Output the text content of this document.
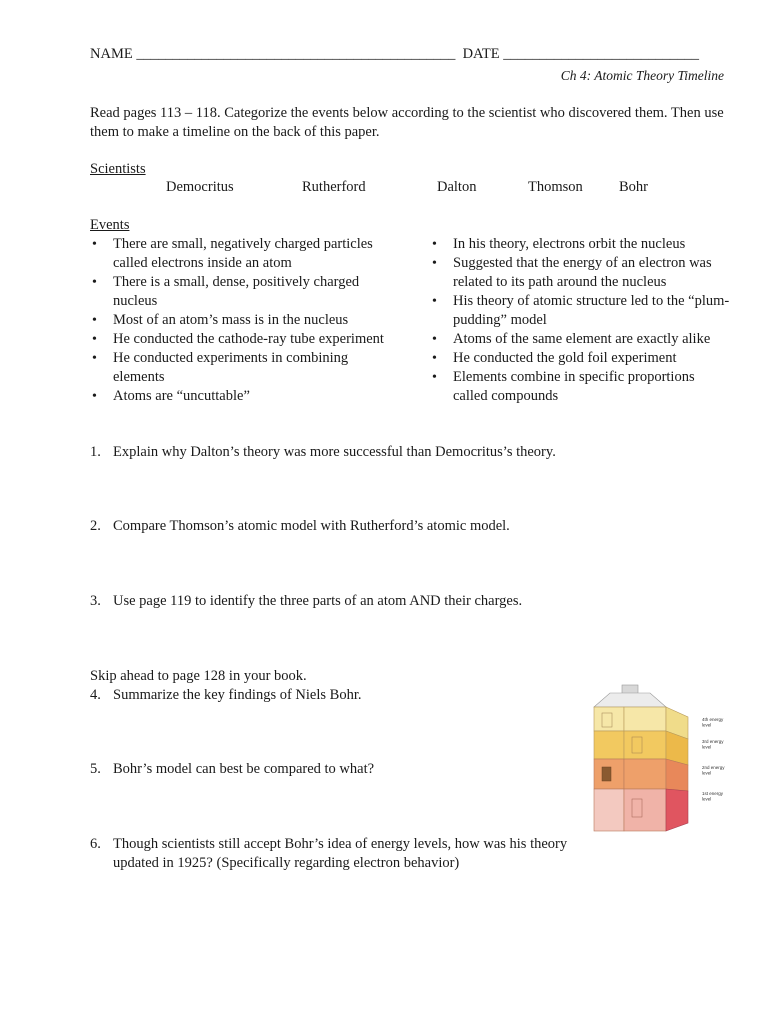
NAME ____________________________________________ DATE ___________________________
Ch 4: Atomic Theory Timeline
Read pages 113 – 118. Categorize the events below according to the scientist who discovered them. Then use them to make a timeline on the back of this paper.
Scientists
Democritus	Rutherford	Dalton	Thomson Bohr
Events
• There are small, negatively charged particles called electrons inside an atom
• There is a small, dense, positively charged nucleus
• Most of an atom’s mass is in the nucleus
• He conducted the cathode-ray tube experiment
• He conducted experiments in combining elements
• Atoms are “uncuttable”
• In his theory, electrons orbit the nucleus
• Suggested that the energy of an electron was related to its path around the nucleus
• His theory of atomic structure led to the “plum-pudding” model
• Atoms of the same element are exactly alike
• He conducted the gold foil experiment
• Elements combine in specific proportions called compounds
1. Explain why Dalton’s theory was more successful than Democritus’s theory.
2. Compare Thomson’s atomic model with Rutherford’s atomic model.
3. Use page 119 to identify the three parts of an atom AND their charges.
Skip ahead to page 128 in your book.
4. Summarize the key findings of Niels Bohr.
5. Bohr’s model can best be compared to what?
6. Though scientists still accept Bohr’s idea of energy levels, how was his theory updated in 1925? (Specifically regarding electron behavior)
4th energy level
3rd energy level
2nd energy level
1st energy level
